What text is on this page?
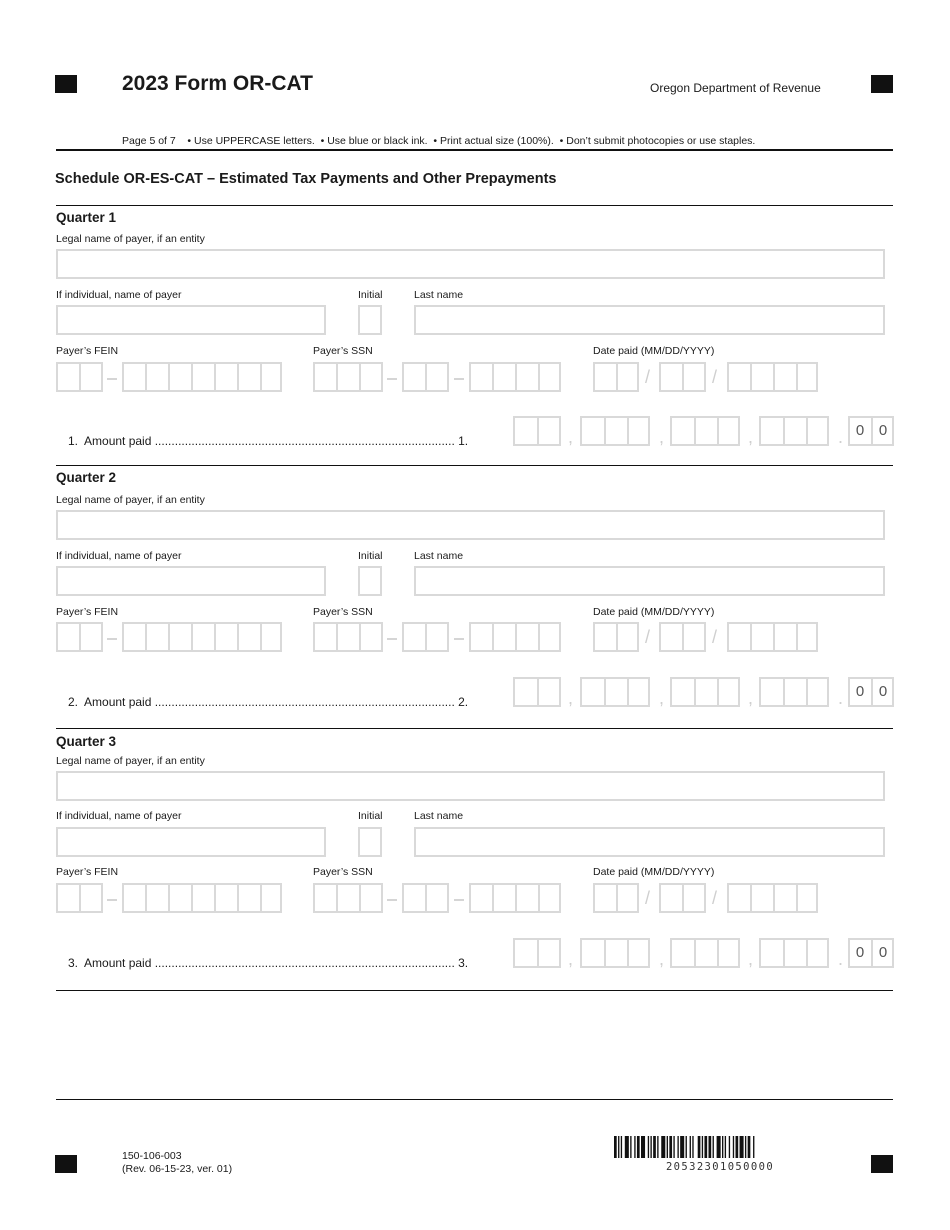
2023 Form OR-CAT	Oregon Department of Revenue
Page 5 of 7 • Use UPPERCASE letters.  • Use blue or black ink.  • Print actual size (100%).  • Don’t submit photocopies or use staples.
Schedule OR-ES-CAT – Estimated Tax Payments and Other Prepayments
Quarter 1
Legal name of payer, if an entity
If individual, name of payer	Initial	Last name
Payer’s FEIN	Payer’s SSN	Date paid (MM/DD/YYYY)
/	/
1.  Amount paid .......................................................................................... 1.	,	,	,	. 0 0
Quarter 2
Legal name of payer, if an entity
If individual, name of payer	Initial	Last name
Payer’s FEIN	Payer’s SSN	Date paid (MM/DD/YYYY)
/	/
2.  Amount paid .......................................................................................... 2.	,	,	,	. 0 0
Quarter 3
Legal name of payer, if an entity
If individual, name of payer	Initial	Last name
Payer’s FEIN	Payer’s SSN	Date paid (MM/DD/YYYY)
/	/
3.  Amount paid .......................................................................................... 3.	,	,	,	. 0 0
150-106-003
(Rev. 06-15-23, ver. 01)	20532301050000
